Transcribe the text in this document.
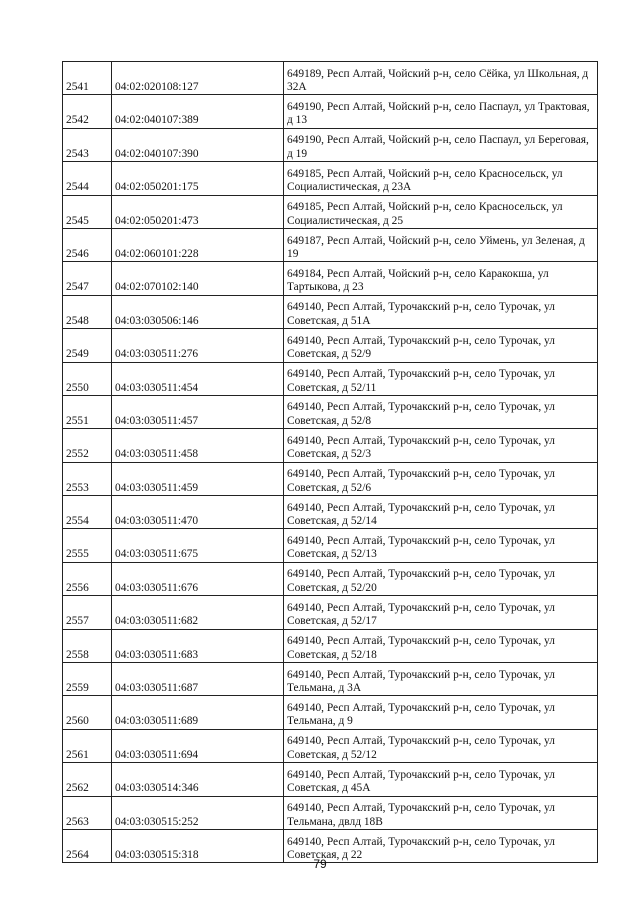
2541	04:02:020108:127	649189, Респ Алтай, Чойский р-н, село Сёйка, ул Школьная, д 32А
2542	04:02:040107:389	649190, Респ Алтай, Чойский р-н, село Паспаул, ул Трактовая, д 13
2543	04:02:040107:390	649190, Респ Алтай, Чойский р-н, село Паспаул, ул Береговая, д 19
2544	04:02:050201:175	649185, Респ Алтай, Чойский р-н, село Красносельск, ул Социалистическая, д 23А
2545	04:02:050201:473	649185, Респ Алтай, Чойский р-н, село Красносельск, ул Социалистическая, д 25
2546	04:02:060101:228	649187, Респ Алтай, Чойский р-н, село Уймень, ул Зеленая, д 19
2547	04:02:070102:140	649184, Респ Алтай, Чойский р-н, село Каракокша, ул Тартыкова, д 23
2548	04:03:030506:146	649140, Респ Алтай, Турочакский р-н, село Турочак, ул Советская, д 51А
2549	04:03:030511:276	649140, Респ Алтай, Турочакский р-н, село Турочак, ул Советская, д 52/9
2550	04:03:030511:454	649140, Респ Алтай, Турочакский р-н, село Турочак, ул Советская, д 52/11
2551	04:03:030511:457	649140, Респ Алтай, Турочакский р-н, село Турочак, ул Советская, д 52/8
2552	04:03:030511:458	649140, Респ Алтай, Турочакский р-н, село Турочак, ул Советская, д 52/3
2553	04:03:030511:459	649140, Респ Алтай, Турочакский р-н, село Турочак, ул Советская, д 52/6
2554	04:03:030511:470	649140, Респ Алтай, Турочакский р-н, село Турочак, ул Советская, д 52/14
2555	04:03:030511:675	649140, Респ Алтай, Турочакский р-н, село Турочак, ул Советская, д 52/13
2556	04:03:030511:676	649140, Респ Алтай, Турочакский р-н, село Турочак, ул Советская, д 52/20
2557	04:03:030511:682	649140, Респ Алтай, Турочакский р-н, село Турочак, ул Советская, д 52/17
2558	04:03:030511:683	649140, Респ Алтай, Турочакский р-н, село Турочак, ул Советская, д 52/18
2559	04:03:030511:687	649140, Респ Алтай, Турочакский р-н, село Турочак, ул Тельмана, д 3А
2560	04:03:030511:689	649140, Респ Алтай, Турочакский р-н, село Турочак, ул Тельмана, д 9
2561	04:03:030511:694	649140, Респ Алтай, Турочакский р-н, село Турочак, ул Советская, д 52/12
2562	04:03:030514:346	649140, Респ Алтай, Турочакский р-н, село Турочак, ул Советская, д 45А
2563	04:03:030515:252	649140, Респ Алтай, Турочакский р-н, село Турочак, ул Тельмана, двлд 18В
2564	04:03:030515:318	649140, Респ Алтай, Турочакский р-н, село Турочак, ул Советская, д 22
79
